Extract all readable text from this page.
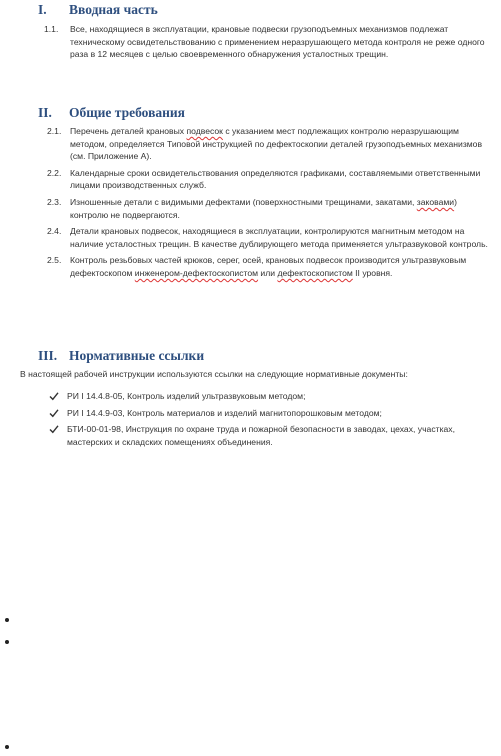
I. Вводная часть
1.1.	Все, находящиеся в эксплуатации, крановые подвески грузоподъемных механизмов подлежат техническому освидетельствованию с применением неразрушающего метода контроля не реже одного раза в 12 месяцев с целью своевременного обнаружения усталостных трещин.
II. Общие требования
2.1.	Перечень деталей крановых подвесок с указанием мест подлежащих контролю неразрушающим методом, определяется Типовой инструкцией по дефектоскопии деталей грузоподъемных механизмов (см. Приложение А).
2.2.	Календарные сроки освидетельствования определяются графиками, составляемыми ответственными лицами производственных служб.
2.3.	Изношенные детали с видимыми дефектами (поверхностными трещинами, закатами, заковами) контролю не подвергаются.
2.4.	Детали крановых подвесок, находящиеся в эксплуатации, контролируются магнитным методом на наличие усталостных трещин. В качестве дублирующего метода применяется ультразвуковой контроль.
2.5.	Контроль резьбовых частей крюков, серег, осей, крановых подвесок производится ультразвуковым дефектоскопом инженером-дефектоскопистом или дефектоскопистом II уровня.
III. Нормативные ссылки
В настоящей рабочей инструкции используются ссылки на следующие нормативные документы:
РИ I 14.4.8-05, Контроль изделий ультразвуковым методом;
РИ I 14.4.9-03, Контроль материалов и изделий магнитопорошковым методом;
БТИ-00-01-98, Инструкция по охране труда и пожарной безопасности в заводах, цехах, участках, мастерских и складских помещениях объединения.
